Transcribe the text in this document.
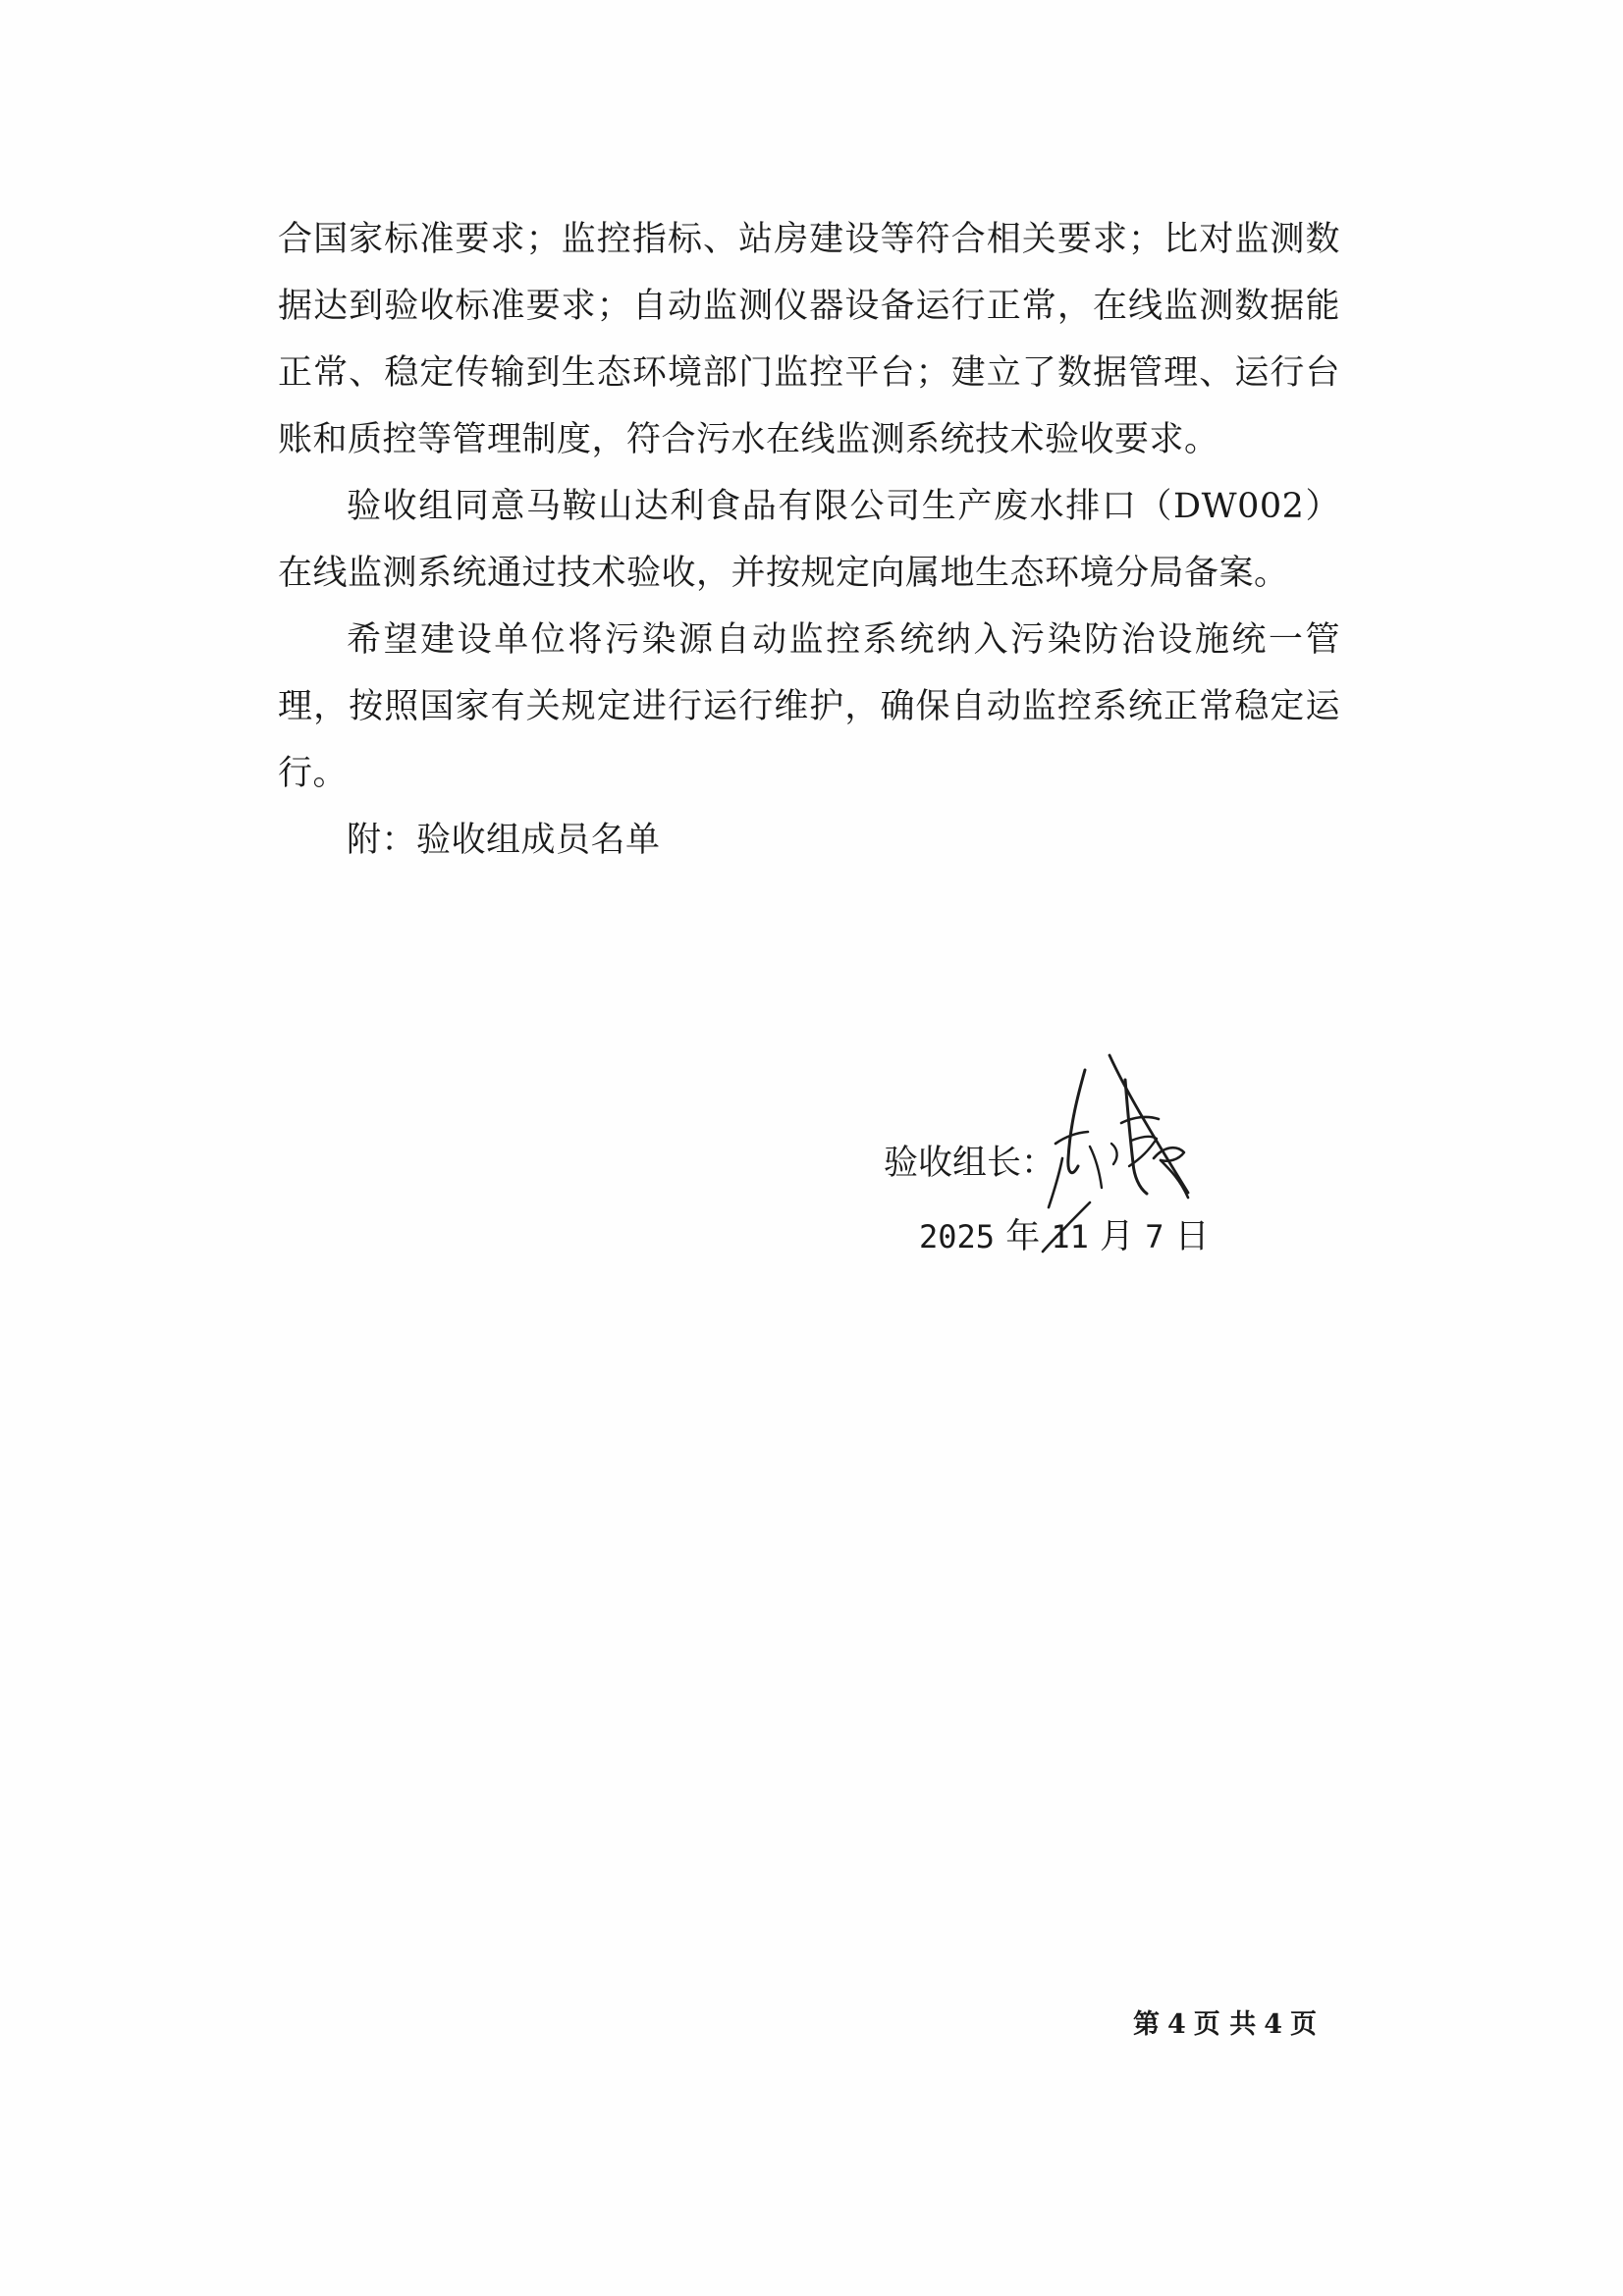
合国家标准要求；监控指标、站房建设等符合相关要求；比对监测数据达到验收标准要求；自动监测仪器设备运行正常，在线监测数据能正常、稳定传输到生态环境部门监控平台；建立了数据管理、运行台账和质控等管理制度，符合污水在线监测系统技术验收要求。

验收组同意马鞍山达利食品有限公司生产废水排口（DW002）在线监测系统通过技术验收，并按规定向属地生态环境分局备案。

希望建设单位将污染源自动监控系统纳入污染防治设施统一管理，按照国家有关规定进行运行维护，确保自动监控系统正常稳定运行。

附：验收组成员名单

验收组长：
2025 年 11 月 7 日
第 4 页 共 4 页
